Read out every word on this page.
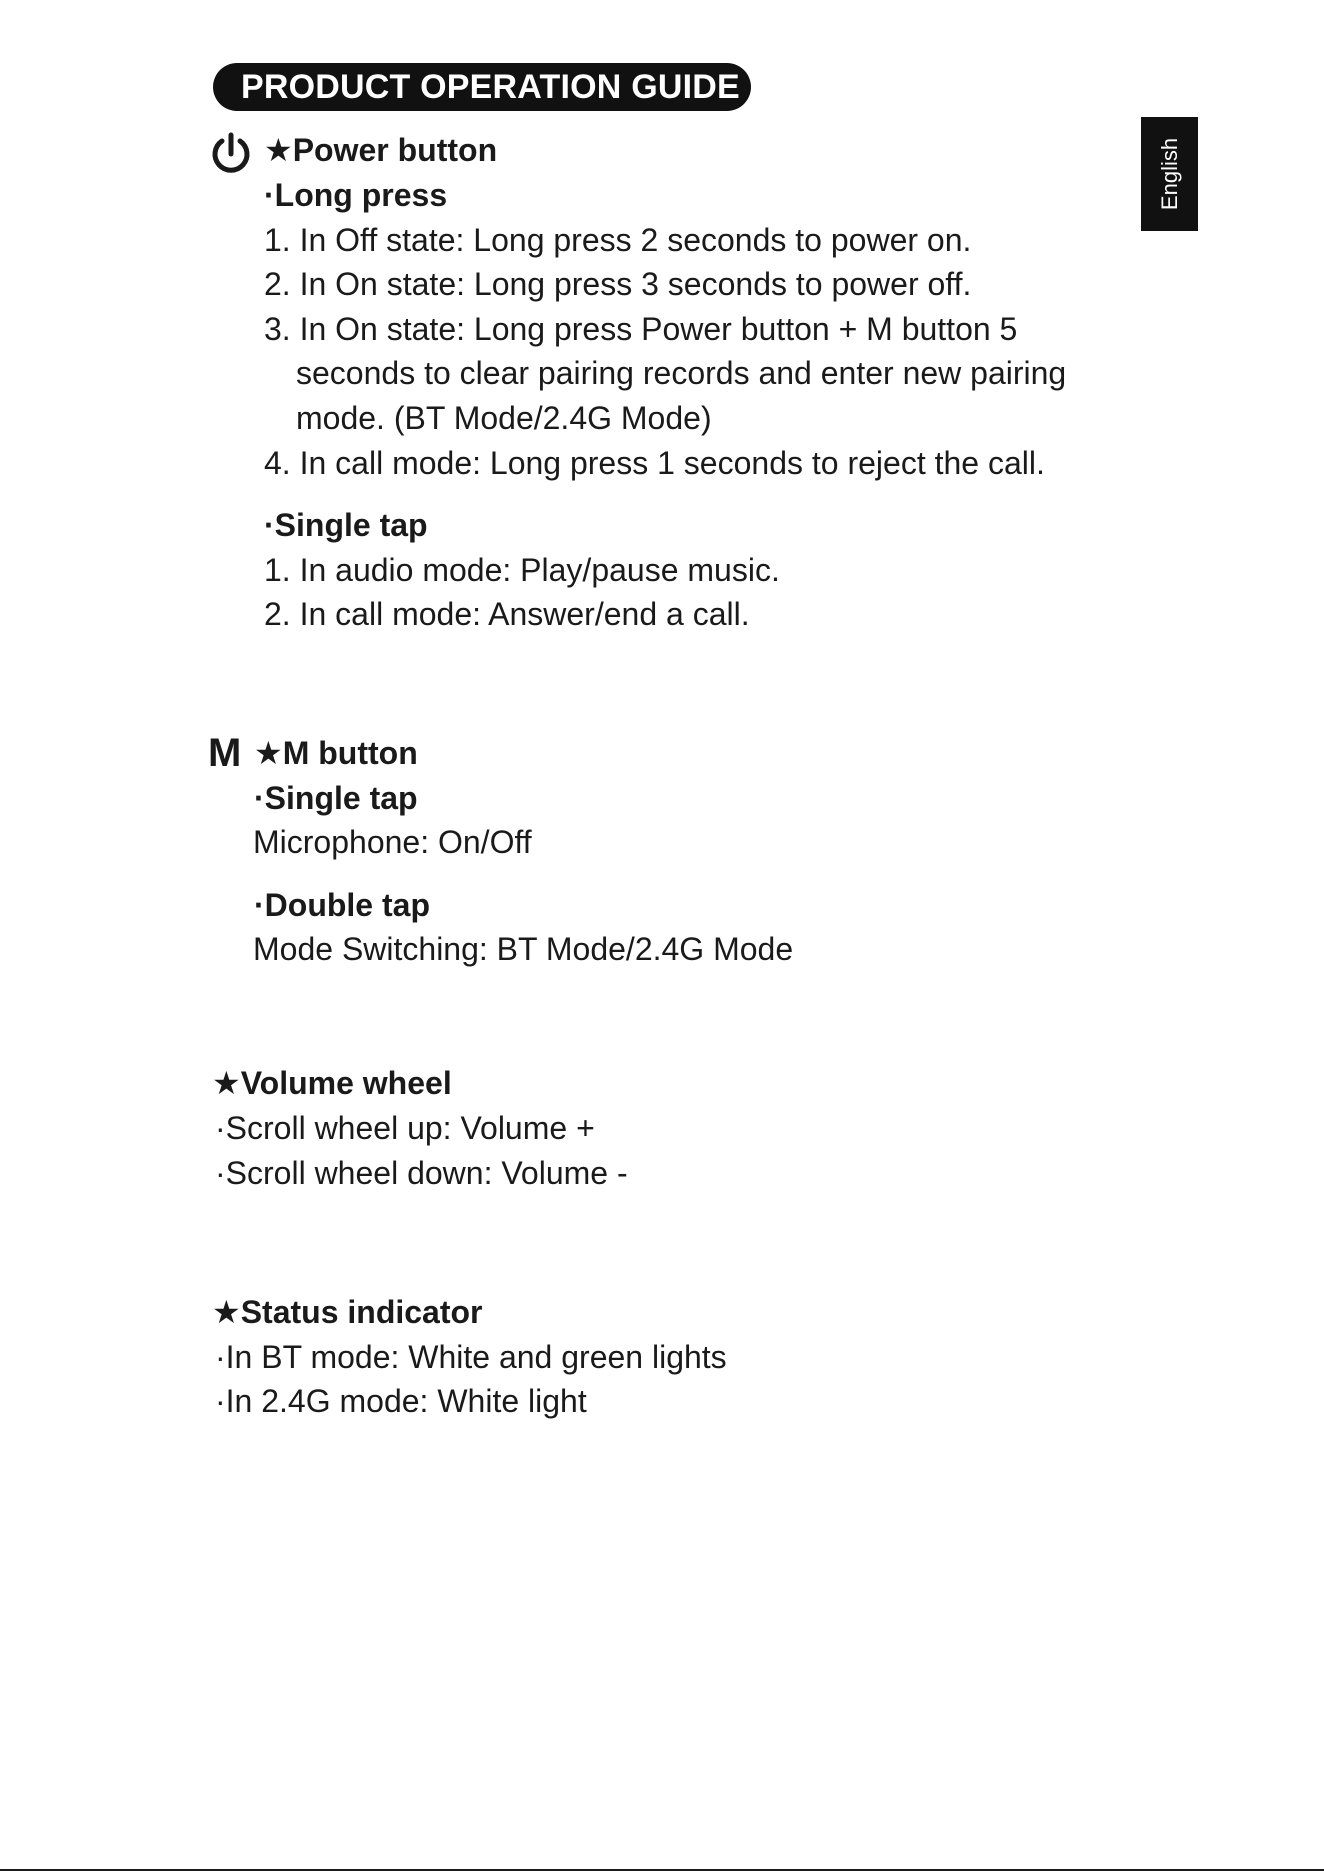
PRODUCT OPERATION GUIDE
English
★Power button
·Long press
1. In Off state: Long press 2 seconds to power on.
2. In On state: Long press 3 seconds to power off.
3. In On state: Long press Power button + M button 5
seconds to clear pairing records and enter new pairing
mode. (BT Mode/2.4G Mode)
4. In call mode: Long press 1 seconds to reject the call.
·Single tap
1. In audio mode: Play/pause music.
2. In call mode: Answer/end a call.
M ★M button
·Single tap
Microphone: On/Off
·Double tap
Mode Switching: BT Mode/2.4G Mode
★Volume wheel
·Scroll wheel up: Volume +
·Scroll wheel down: Volume -
★Status indicator
·In BT mode: White and green lights
·In 2.4G mode: White light
